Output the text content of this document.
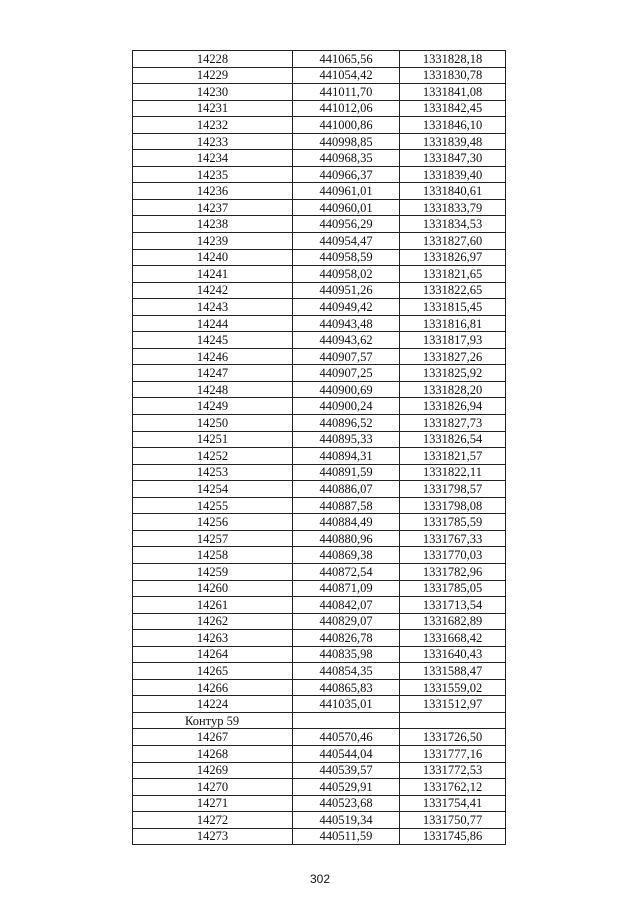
14228	441065,56	1331828,18
14229	441054,42	1331830,78
14230	441011,70	1331841,08
14231	441012,06	1331842,45
14232	441000,86	1331846,10
14233	440998,85	1331839,48
14234	440968,35	1331847,30
14235	440966,37	1331839,40
14236	440961,01	1331840,61
14237	440960,01	1331833,79
14238	440956,29	1331834,53
14239	440954,47	1331827,60
14240	440958,59	1331826,97
14241	440958,02	1331821,65
14242	440951,26	1331822,65
14243	440949,42	1331815,45
14244	440943,48	1331816,81
14245	440943,62	1331817,93
14246	440907,57	1331827,26
14247	440907,25	1331825,92
14248	440900,69	1331828,20
14249	440900,24	1331826,94
14250	440896,52	1331827,73
14251	440895,33	1331826,54
14252	440894,31	1331821,57
14253	440891,59	1331822,11
14254	440886,07	1331798,57
14255	440887,58	1331798,08
14256	440884,49	1331785,59
14257	440880,96	1331767,33
14258	440869,38	1331770,03
14259	440872,54	1331782,96
14260	440871,09	1331785,05
14261	440842,07	1331713,54
14262	440829,07	1331682,89
14263	440826,78	1331668,42
14264	440835,98	1331640,43
14265	440854,35	1331588,47
14266	440865,83	1331559,02
14224	441035,01	1331512,97
Контур 59		
14267	440570,46	1331726,50
14268	440544,04	1331777,16
14269	440539,57	1331772,53
14270	440529,91	1331762,12
14271	440523,68	1331754,41
14272	440519,34	1331750,77
14273	440511,59	1331745,86
302
